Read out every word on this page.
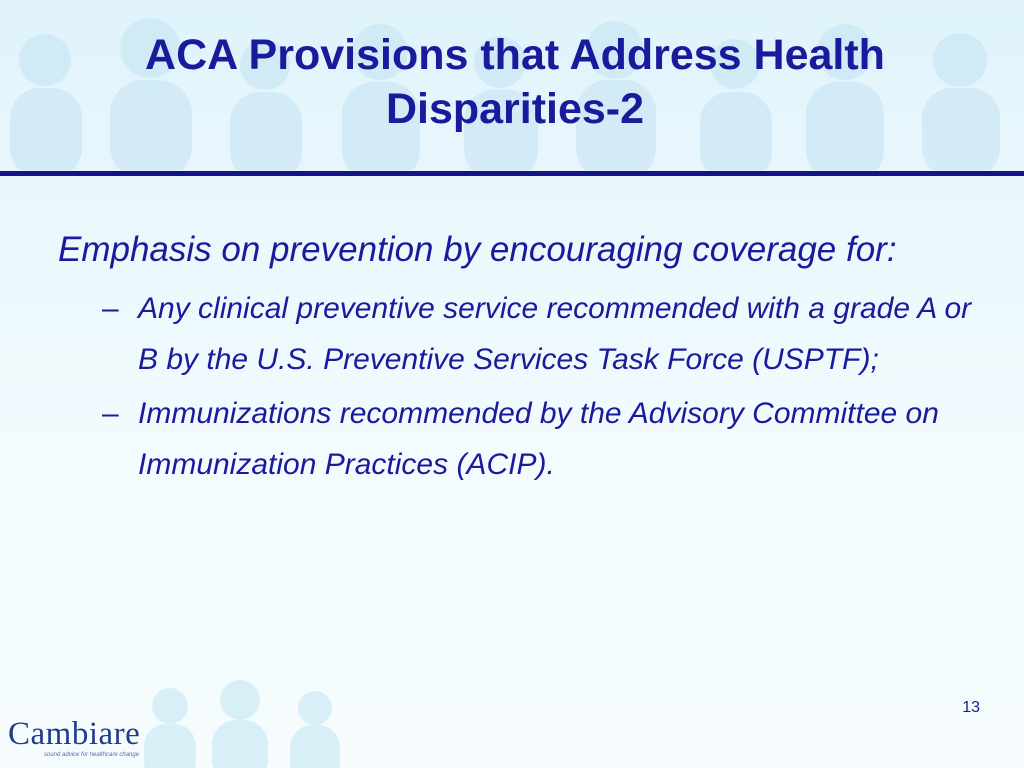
ACA Provisions that Address Health Disparities-2

Emphasis on prevention by encouraging coverage for:

– Any clinical preventive service recommended with a grade A or B by the U.S. Preventive Services Task Force (USPTF);

– Immunizations recommended by the Advisory Committee on Immunization Practices (ACIP).

13
Cambiare
sound advice for healthcare change
